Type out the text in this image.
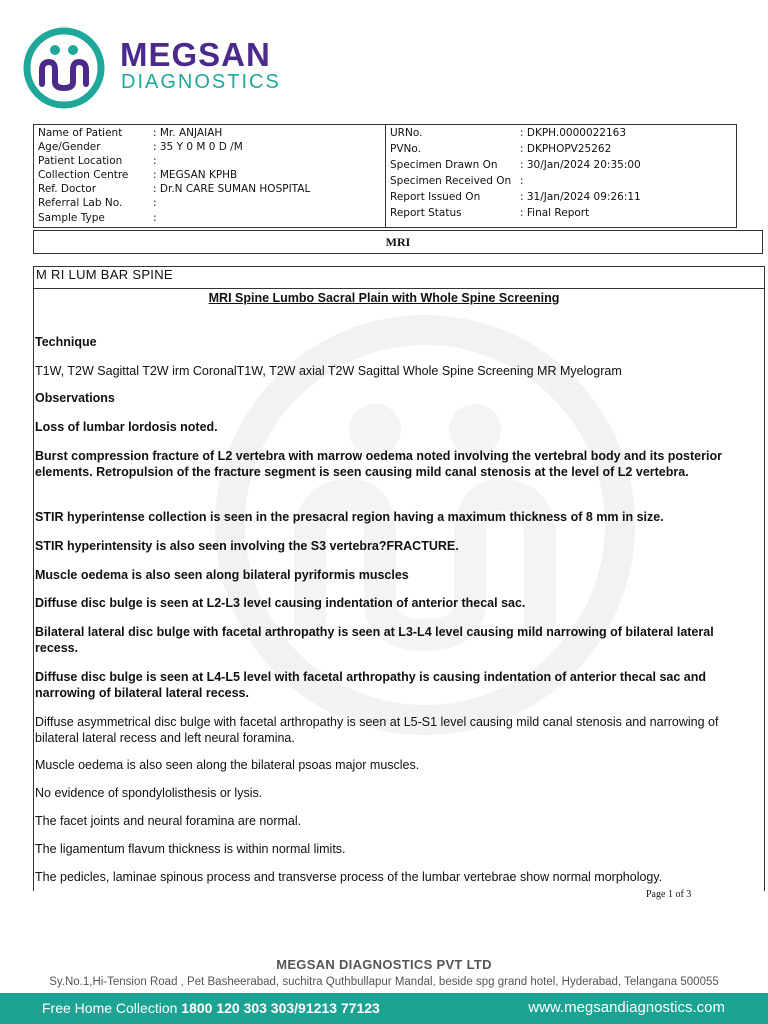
MEGSAN
DIAGNOSTICS
Name of Patient	: Mr. ANJAIAH
Age/Gender	: 35 Y 0 M 0 D /M
Patient Location	:
Collection Centre : MEGSAN KPHB
Ref. Doctor	: Dr.N CARE SUMAN HOSPITAL
Referral Lab No.	:
Sample Type	:
URNo.	: DKPH.0000022163
PVNo.	: DKPHOPV25262
Specimen Drawn On : 30/Jan/2024 20:35:00
Specimen Received On :
Report Issued On	: 31/Jan/2024 09:26:11
Report Status	: Final Report
MRI
M RI LUM BAR SPINE
MRI Spine Lumbo Sacral Plain with Whole Spine Screening
Technique
T1W, T2W Sagittal T2W irm CoronalT1W, T2W axial T2W Sagittal Whole Spine Screening MR Myelogram
Observations
Loss of lumbar lordosis noted.
Burst compression fracture of L2 vertebra with marrow oedema noted involving the vertebral body and its posterior elements. Retropulsion of the fracture segment is seen causing mild canal stenosis at the level of L2 vertebra.
STIR hyperintense collection is seen in the presacral region having a maximum thickness of 8 mm in size.
STIR hyperintensity is also seen involving the S3 vertebra?FRACTURE.
Muscle oedema is also seen along bilateral pyriformis muscles
Diffuse disc bulge is seen at L2-L3 level causing indentation of anterior thecal sac.
Bilateral lateral disc bulge with facetal arthropathy is seen at L3-L4 level causing mild narrowing of bilateral lateral recess.
Diffuse disc bulge is seen at L4-L5 level with facetal arthropathy is causing indentation of anterior thecal sac and narrowing of bilateral lateral recess.
Diffuse asymmetrical disc bulge with facetal arthropathy is seen at L5-S1 level causing mild canal stenosis and narrowing of bilateral lateral recess and left neural foramina.
Muscle oedema is also seen along the bilateral psoas major muscles.
No evidence of spondylolisthesis or lysis.
The facet joints and neural foramina are normal.
The ligamentum flavum thickness is within normal limits.
The pedicles, laminae spinous process and transverse process of the lumbar vertebrae show normal morphology.
Page 1 of 3
MEGSAN DIAGNOSTICS PVT LTD
Sy.No.1,Hi-Tension Road , Pet Basheerabad, suchitra Quthbullapur Mandal, beside spg grand hotel, Hyderabad, Telangana 500055
Free Home Collection 1800 120 303 303/91213 77123	www.megsandiagnostics.com
